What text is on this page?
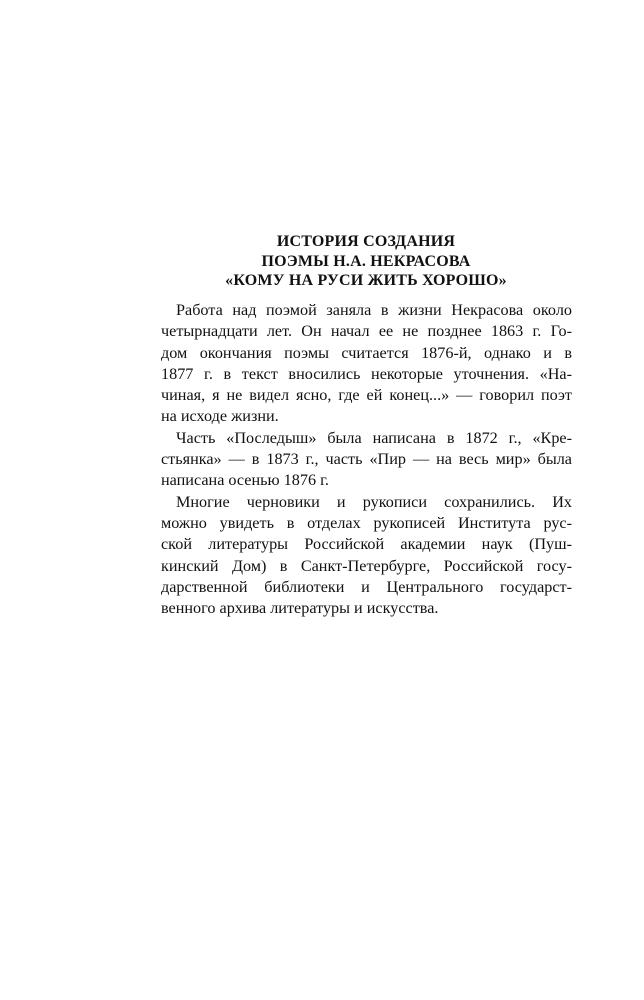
ИСТОРИЯ СОЗДАНИЯ
ПОЭМЫ Н.А. НЕКРАСОВА
«КОМУ НА РУСИ ЖИТЬ ХОРОШО»
Работа над поэмой заняла в жизни Некрасова около
четырнадцати лет. Он начал ее не позднее 1863 г. Го-
дом окончания поэмы считается 1876-й, однако и в
1877 г. в текст вносились некоторые уточнения. «На-
чиная, я не видел ясно, где ей конец...» — говорил поэт
на исходе жизни.
Часть «Последыш» была написана в 1872 г., «Кре-
стьянка» — в 1873 г., часть «Пир — на весь мир» была
написана осенью 1876 г.
Многие черновики и рукописи сохранились. Их
можно увидеть в отделах рукописей Института рус-
ской литературы Российской академии наук (Пуш-
кинский Дом) в Санкт-Петербурге, Российской госу-
дарственной библиотеки и Центрального государст-
венного архива литературы и искусства.
